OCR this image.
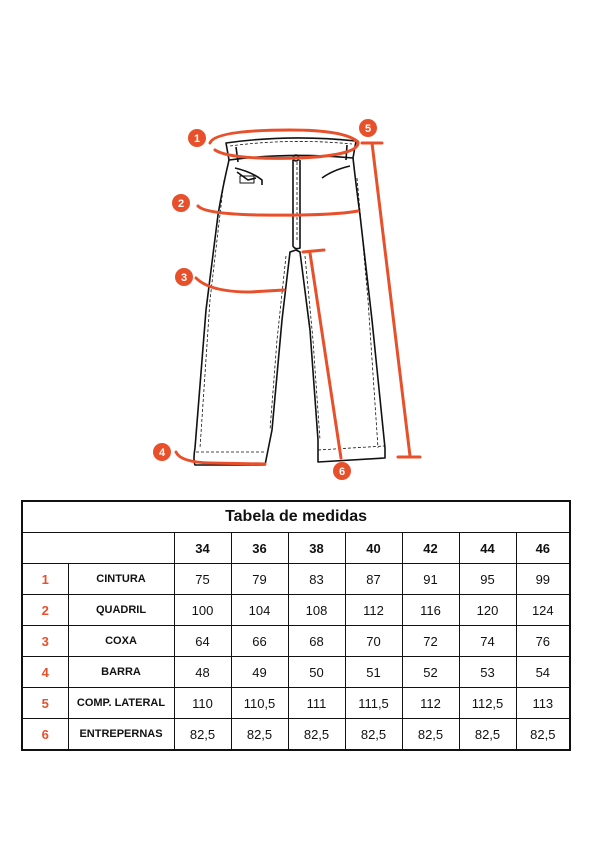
1
2
3
4
5
6
Tabela de medidas								
		34	36	38	40	42	44	46
1	CINTURA	75	79	83	87	91	95	99
2	QUADRIL	100	104	108	112	116	120	124
3	COXA	64	66	68	70	72	74	76
4	BARRA	48	49	50	51	52	53	54
5	COMP. LATERAL	110	110,5	111	111,5	112	112,5	113
6	ENTREPERNAS	82,5	82,5	82,5	82,5	82,5	82,5	82,5
